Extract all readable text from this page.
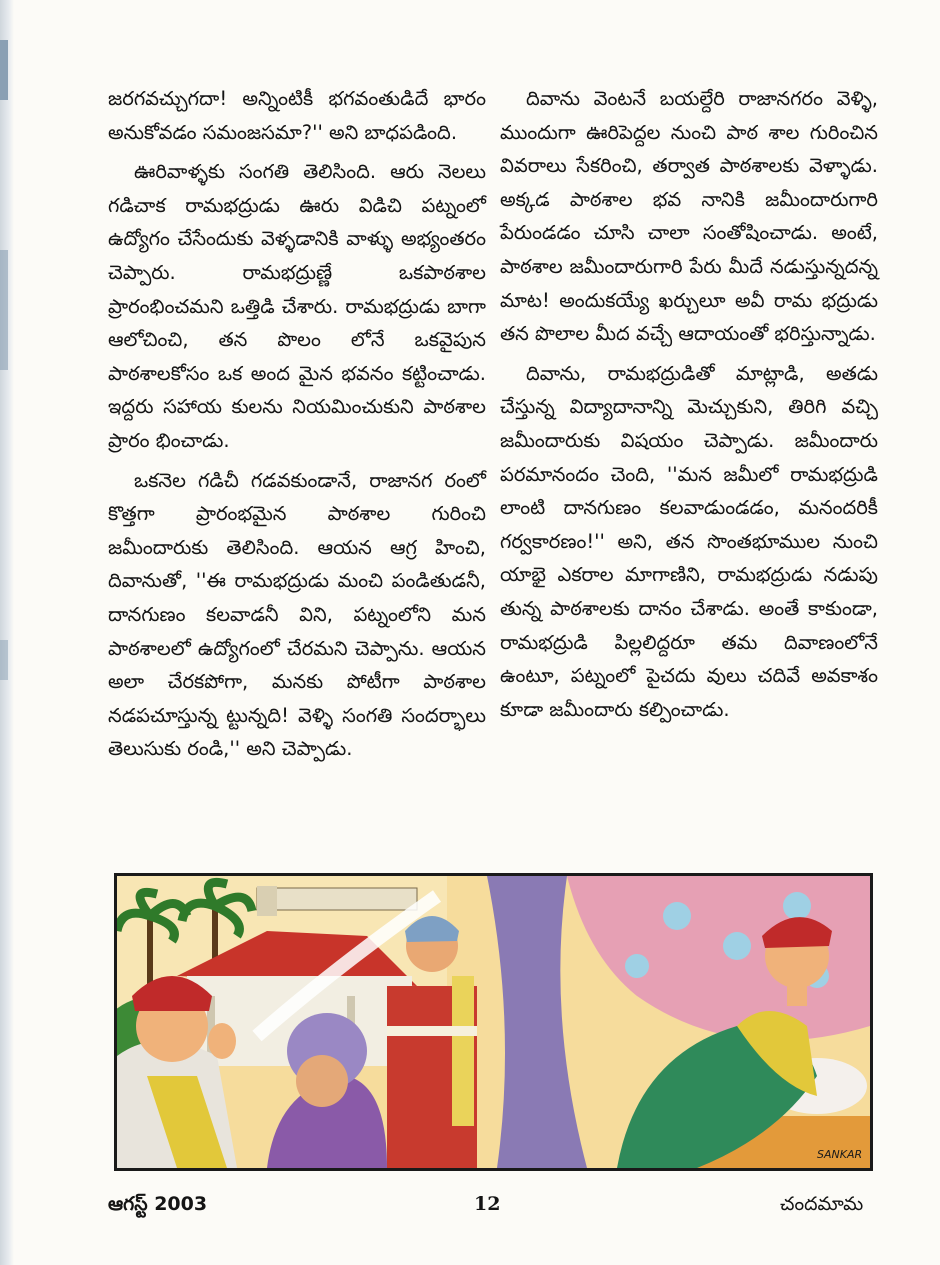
జరగవచ్చుగదా! అన్నింటికీ భగవంతుడిదే భారం అనుకోవడం సమంజసమా?'' అని బాధపడింది.

ఊరివాళ్ళకు సంగతి తెలిసింది. ఆరు నెలలు గడిచాక రామభద్రుడు ఊరు విడిచి పట్నంలో ఉద్యోగం చేసేందుకు వెళ్ళడానికి వాళ్ళు అభ్యంతరం చెప్పారు. రామభద్రుణ్ణే ఒకపాఠశాల ప్రారంభించమని ఒత్తిడి చేశారు. రామభద్రుడు బాగా ఆలోచించి, తన పొలం లోనే ఒకవైపున పాఠశాలకోసం ఒక అంద మైన భవనం కట్టించాడు. ఇద్దరు సహాయ కులను నియమించుకుని పాఠశాల ప్రారం భించాడు.

ఒకనెల గడిచీ గడవకుండానే, రాజానగ రంలో కొత్తగా ప్రారంభమైన పాఠశాల గురించి జమీందారుకు తెలిసింది. ఆయన ఆగ్ర హించి, దివానుతో, ''ఈ రామభద్రుడు మంచి పండితుడనీ, దానగుణం కలవాడనీ విని, పట్నంలోని మన పాఠశాలలో ఉద్యోగంలో చేరమని చెప్పాను. ఆయన అలా చేరకపోగా, మనకు పోటీగా పాఠశాల నడపచూస్తున్న ట్టున్నది! వెళ్ళి సంగతి సందర్భాలు తెలుసుకు రండి,'' అని చెప్పాడు.

దివాను వెంటనే బయల్దేరి రాజానగరం వెళ్ళి, ముందుగా ఊరిపెద్దల నుంచి పాఠ శాల గురించిన వివరాలు సేకరించి, తర్వాత పాఠశాలకు వెళ్ళాడు. అక్కడ పాఠశాల భవ నానికి జమీందారుగారి పేరుండడం చూసి చాలా సంతోషించాడు. అంటే, పాఠశాల జమీందారుగారి పేరు మీదే నడుస్తున్నదన్న మాట! అందుకయ్యే ఖర్చులూ అవీ రామ భద్రుడు తన పొలాల మీద వచ్చే ఆదాయంతో భరిస్తున్నాడు.

దివాను, రామభద్రుడితో మాట్లాడి, అతడు చేస్తున్న విద్యాదానాన్ని మెచ్చుకుని, తిరిగి వచ్చి జమీందారుకు విషయం చెప్పాడు. జమీందారు పరమానందం చెంది, ''మన జమీలో రామభద్రుడి లాంటి దానగుణం కలవాడుండడం, మనందరికీ గర్వకారణం!'' అని, తన సొంతభూముల నుంచి యాభై ఎకరాల మాగాణిని, రామభద్రుడు నడుపు తున్న పాఠశాలకు దానం చేశాడు. అంతే కాకుండా, రామభద్రుడి పిల్లలిద్దరూ తమ దివాణంలోనే ఉంటూ, పట్నంలో పైచదు వులు చదివే అవకాశం కూడా జమీందారు కల్పించాడు.

SANKAR
ఆగస్ట్ 2003	12	చందమామ
